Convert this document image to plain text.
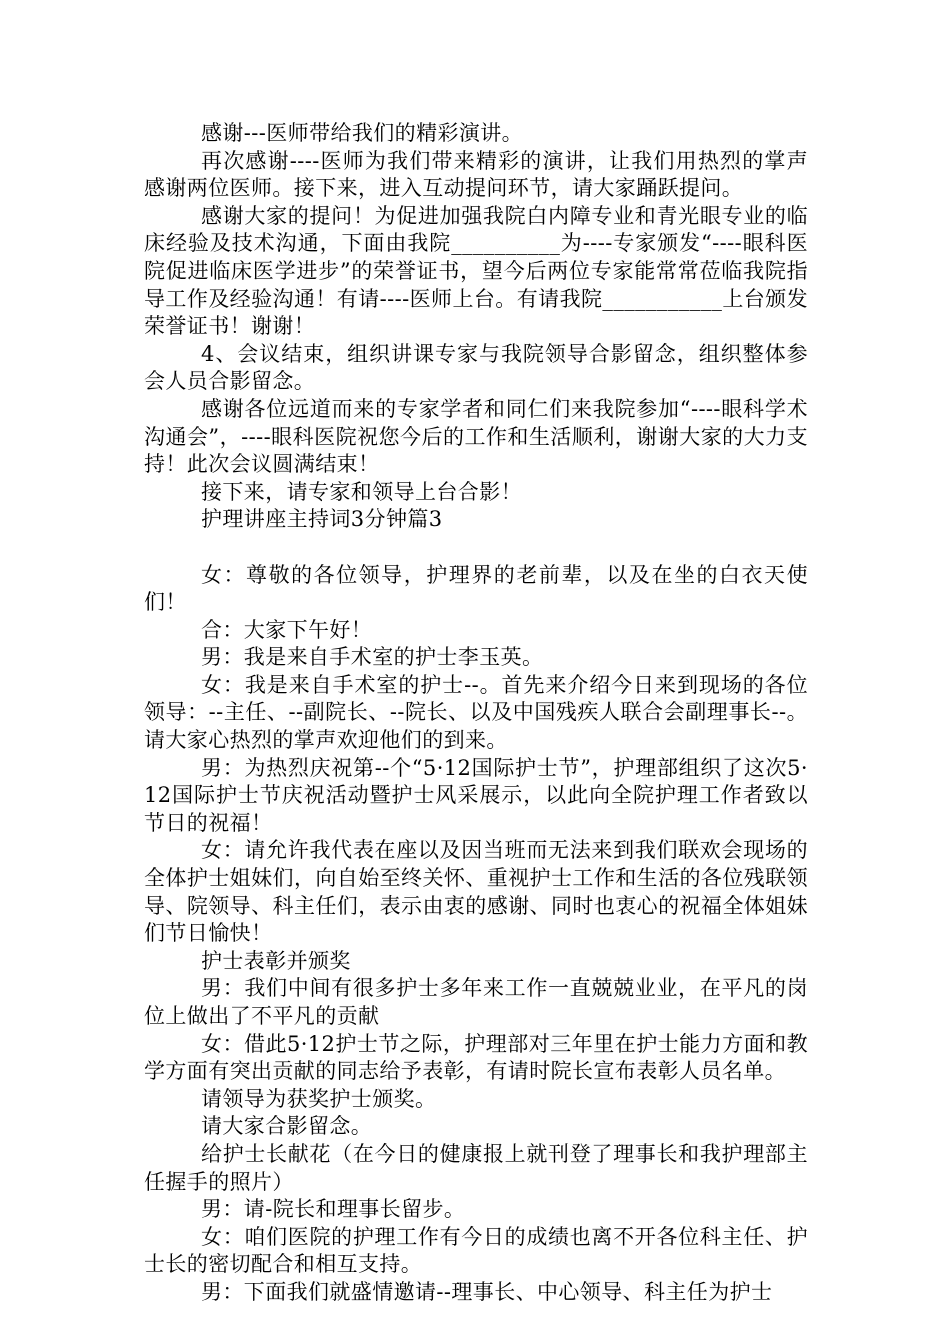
感谢---医师带给我们的精彩演讲。

再次感谢----医师为我们带来精彩的演讲，让我们用热烈的掌声感谢两位医师。接下来，进入互动提问环节，请大家踊跃提问。

感谢大家的提问！为促进加强我院白内障专业和青光眼专业的临床经验及技术沟通，下面由我院__________为----专家颁发“----眼科医院促进临床医学进步”的荣誉证书，望今后两位专家能常常莅临我院指导工作及经验沟通！有请----医师上台。有请我院___________上台颁发荣誉证书！谢谢！

4、会议结束，组织讲课专家与我院领导合影留念，组织整体参会人员合影留念。

感谢各位远道而来的专家学者和同仁们来我院参加“----眼科学术沟通会”，----眼科医院祝您今后的工作和生活顺利，谢谢大家的大力支持！此次会议圆满结束！

接下来，请专家和领导上台合影！

护理讲座主持词3分钟篇3

女：尊敬的各位领导，护理界的老前辈，以及在坐的白衣天使们！

合：大家下午好！

男：我是来自手术室的护士李玉英。

女：我是来自手术室的护士--。首先来介绍今日来到现场的各位领导：--主任、--副院长、--院长、以及中国残疾人联合会副理事长--。请大家心热烈的掌声欢迎他们的到来。

男：为热烈庆祝第--个“5·12国际护士节”，护理部组织了这次5·12国际护士节庆祝活动暨护士风采展示，以此向全院护理工作者致以节日的祝福！

女：请允许我代表在座以及因当班而无法来到我们联欢会现场的全体护士姐妹们，向自始至终关怀、重视护士工作和生活的各位残联领导、院领导、科主任们，表示由衷的感谢、同时也衷心的祝福全体姐妹们节日愉快！

护士表彰并颁奖

男：我们中间有很多护士多年来工作一直兢兢业业，在平凡的岗位上做出了不平凡的贡献

女：借此5·12护士节之际，护理部对三年里在护士能力方面和教学方面有突出贡献的同志给予表彰，有请时院长宣布表彰人员名单。

请领导为获奖护士颁奖。

请大家合影留念。

给护士长献花（在今日的健康报上就刊登了理事长和我护理部主任握手的照片）

男：请-院长和理事长留步。

女：咱们医院的护理工作有今日的成绩也离不开各位科主任、护士长的密切配合和相互支持。

男：下面我们就盛情邀请--理事长、中心领导、科主任为护士
